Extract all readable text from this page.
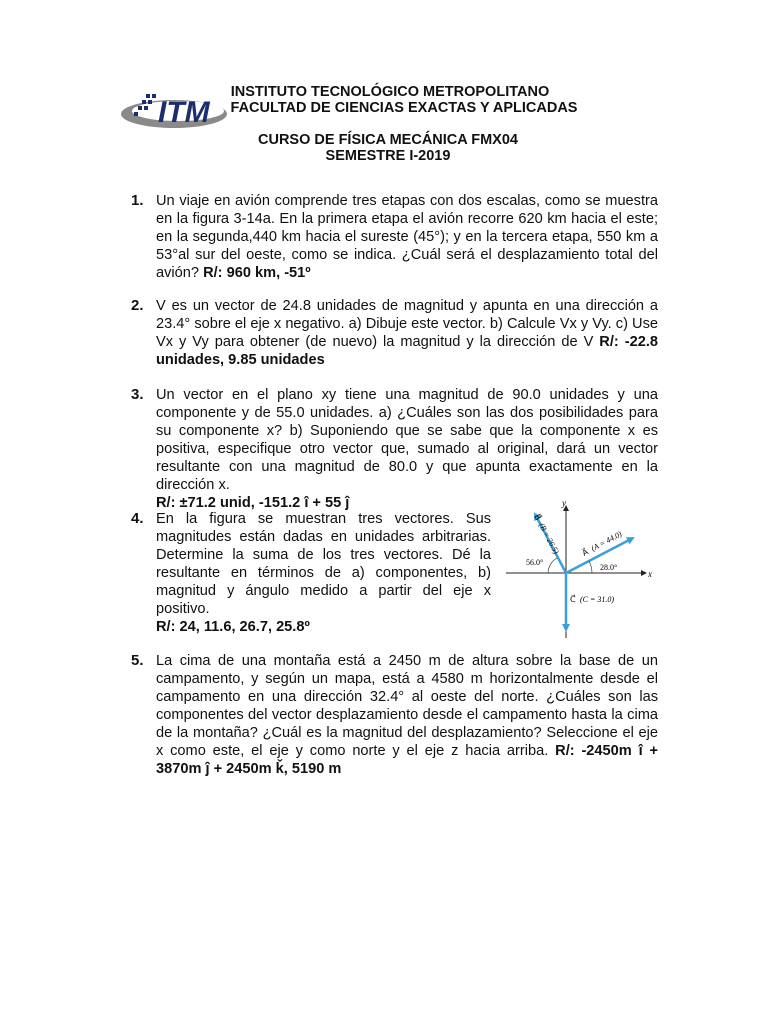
ITM
INSTITUTO TECNOLÓGICO METROPOLITANO
FACULTAD DE CIENCIAS EXACTAS Y APLICADAS
CURSO DE FÍSICA MECÁNICA FMX04
SEMESTRE I-2019
1. Un viaje en avión comprende tres etapas con dos escalas, como se muestra en la figura 3-14a. En la primera etapa el avión recorre 620 km hacia el este; en la segunda,440 km hacia el sureste (45°); y en la tercera etapa, 550 km a 53°al sur del oeste, como se indica. ¿Cuál será el desplazamiento total del avión? R/: 960 km, -51º
2. V es un vector de 24.8 unidades de magnitud y apunta en una dirección a 23.4° sobre el eje x negativo. a) Dibuje este vector. b) Calcule Vx y Vy. c) Use Vx y Vy para obtener (de nuevo) la magnitud y la dirección de V R/: -22.8 unidades, 9.85 unidades
3. Un vector en el plano xy tiene una magnitud de 90.0 unidades y una componente y de 55.0 unidades. a) ¿Cuáles son las dos posibilidades para su componente x? b) Suponiendo que se sabe que la componente x es positiva, especifique otro vector que, sumado al original, dará un vector resultante con una magnitud de 80.0 y que apunta exactamente en la dirección x.
R/: ±71.2 unid, -151.2 î + 55 ĵ
4. En la figura se muestran tres vectores. Sus magnitudes están dadas en unidades arbitrarias. Determine la suma de los tres vectores. Dé la resultante en términos de a) componentes, b) magnitud y ángulo medido a partir del eje x positivo.
R/: 24, 11.6, 26.7, 25.8º
x
y
A⃗ (A = 44.0)
28.0°
B⃗
(B = 26.5)
56.0°
C⃗ (C = 31.0)
5. La cima de una montaña está a 2450 m de altura sobre la base de un campamento, y según un mapa, está a 4580 m horizontalmente desde el campamento en una dirección 32.4° al oeste del norte. ¿Cuáles son las componentes del vector desplazamiento desde el campamento hasta la cima de la montaña? ¿Cuál es la magnitud del desplazamiento? Seleccione el eje x como este, el eje y como norte y el eje z hacia arriba. R/: -2450m î + 3870m ĵ + 2450m ǩ, 5190 m
